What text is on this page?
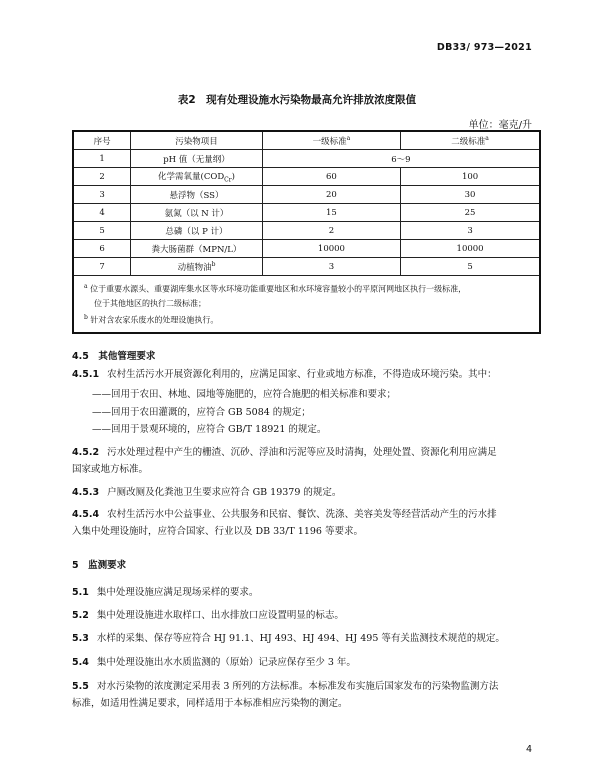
DB33/ 973—2021
表2　现有处理设施水污染物最高允许排放浓度限值
单位：毫克/升
序号	污染物项目	一级标准$^a$	二级标准$^a$
1	pH 值（无量纲）	6～9	
2	化学需氧量$(COD_{Cr})$	60	100
3	悬浮物（SS）	20	30
4	氨氮（以 N 计）	15	25
5	总磷（以 P 计）	2	3
6	粪大肠菌群（MPN/L）	10000	10000
7	动植物油$^b$	3	5

$^a$ 位于重要水源头、重要湖库集水区等水环境功能重要地区和水环境容量较小的平原河网地区执行一级标准，
位于其他地区的执行二级标准；
$^b$ 针对含农家乐废水的处理设施执行。			
4.5　其他管理要求
4.5.1 农村生活污水开展资源化利用的，应满足国家、行业或地方标准，不得造成环境污染。其中：
——回用于农田、林地、园地等施肥的，应符合施肥的相关标准和要求；
——回用于农田灌溉的，应符合 GB 5084 的规定；
——回用于景观环境的，应符合 GB/T 18921 的规定。
4.5.2 污水处理过程中产生的栅渣、沉砂、浮油和污泥等应及时清掏，处理处置、资源化利用应满足
国家或地方标准。
4.5.3 户厕改厕及化粪池卫生要求应符合 GB 19379 的规定。
4.5.4 农村生活污水中公益事业、公共服务和民宿、餐饮、洗涤、美容美发等经营活动产生的污水排
入集中处理设施时，应符合国家、行业以及 DB 33/T 1196 等要求。
5　监测要求
5.1 集中处理设施应满足现场采样的要求。
5.2 集中处理设施进水取样口、出水排放口应设置明显的标志。
5.3 水样的采集、保存等应符合 HJ 91.1、HJ 493、HJ 494、HJ 495 等有关监测技术规范的规定。
5.4 集中处理设施出水水质监测的（原始）记录应保存至少 3 年。
5.5 对水污染物的浓度测定采用表 3 所列的方法标准。本标准发布实施后国家发布的污染物监测方法
标准，如适用性满足要求，同样适用于本标准相应污染物的测定。
4
